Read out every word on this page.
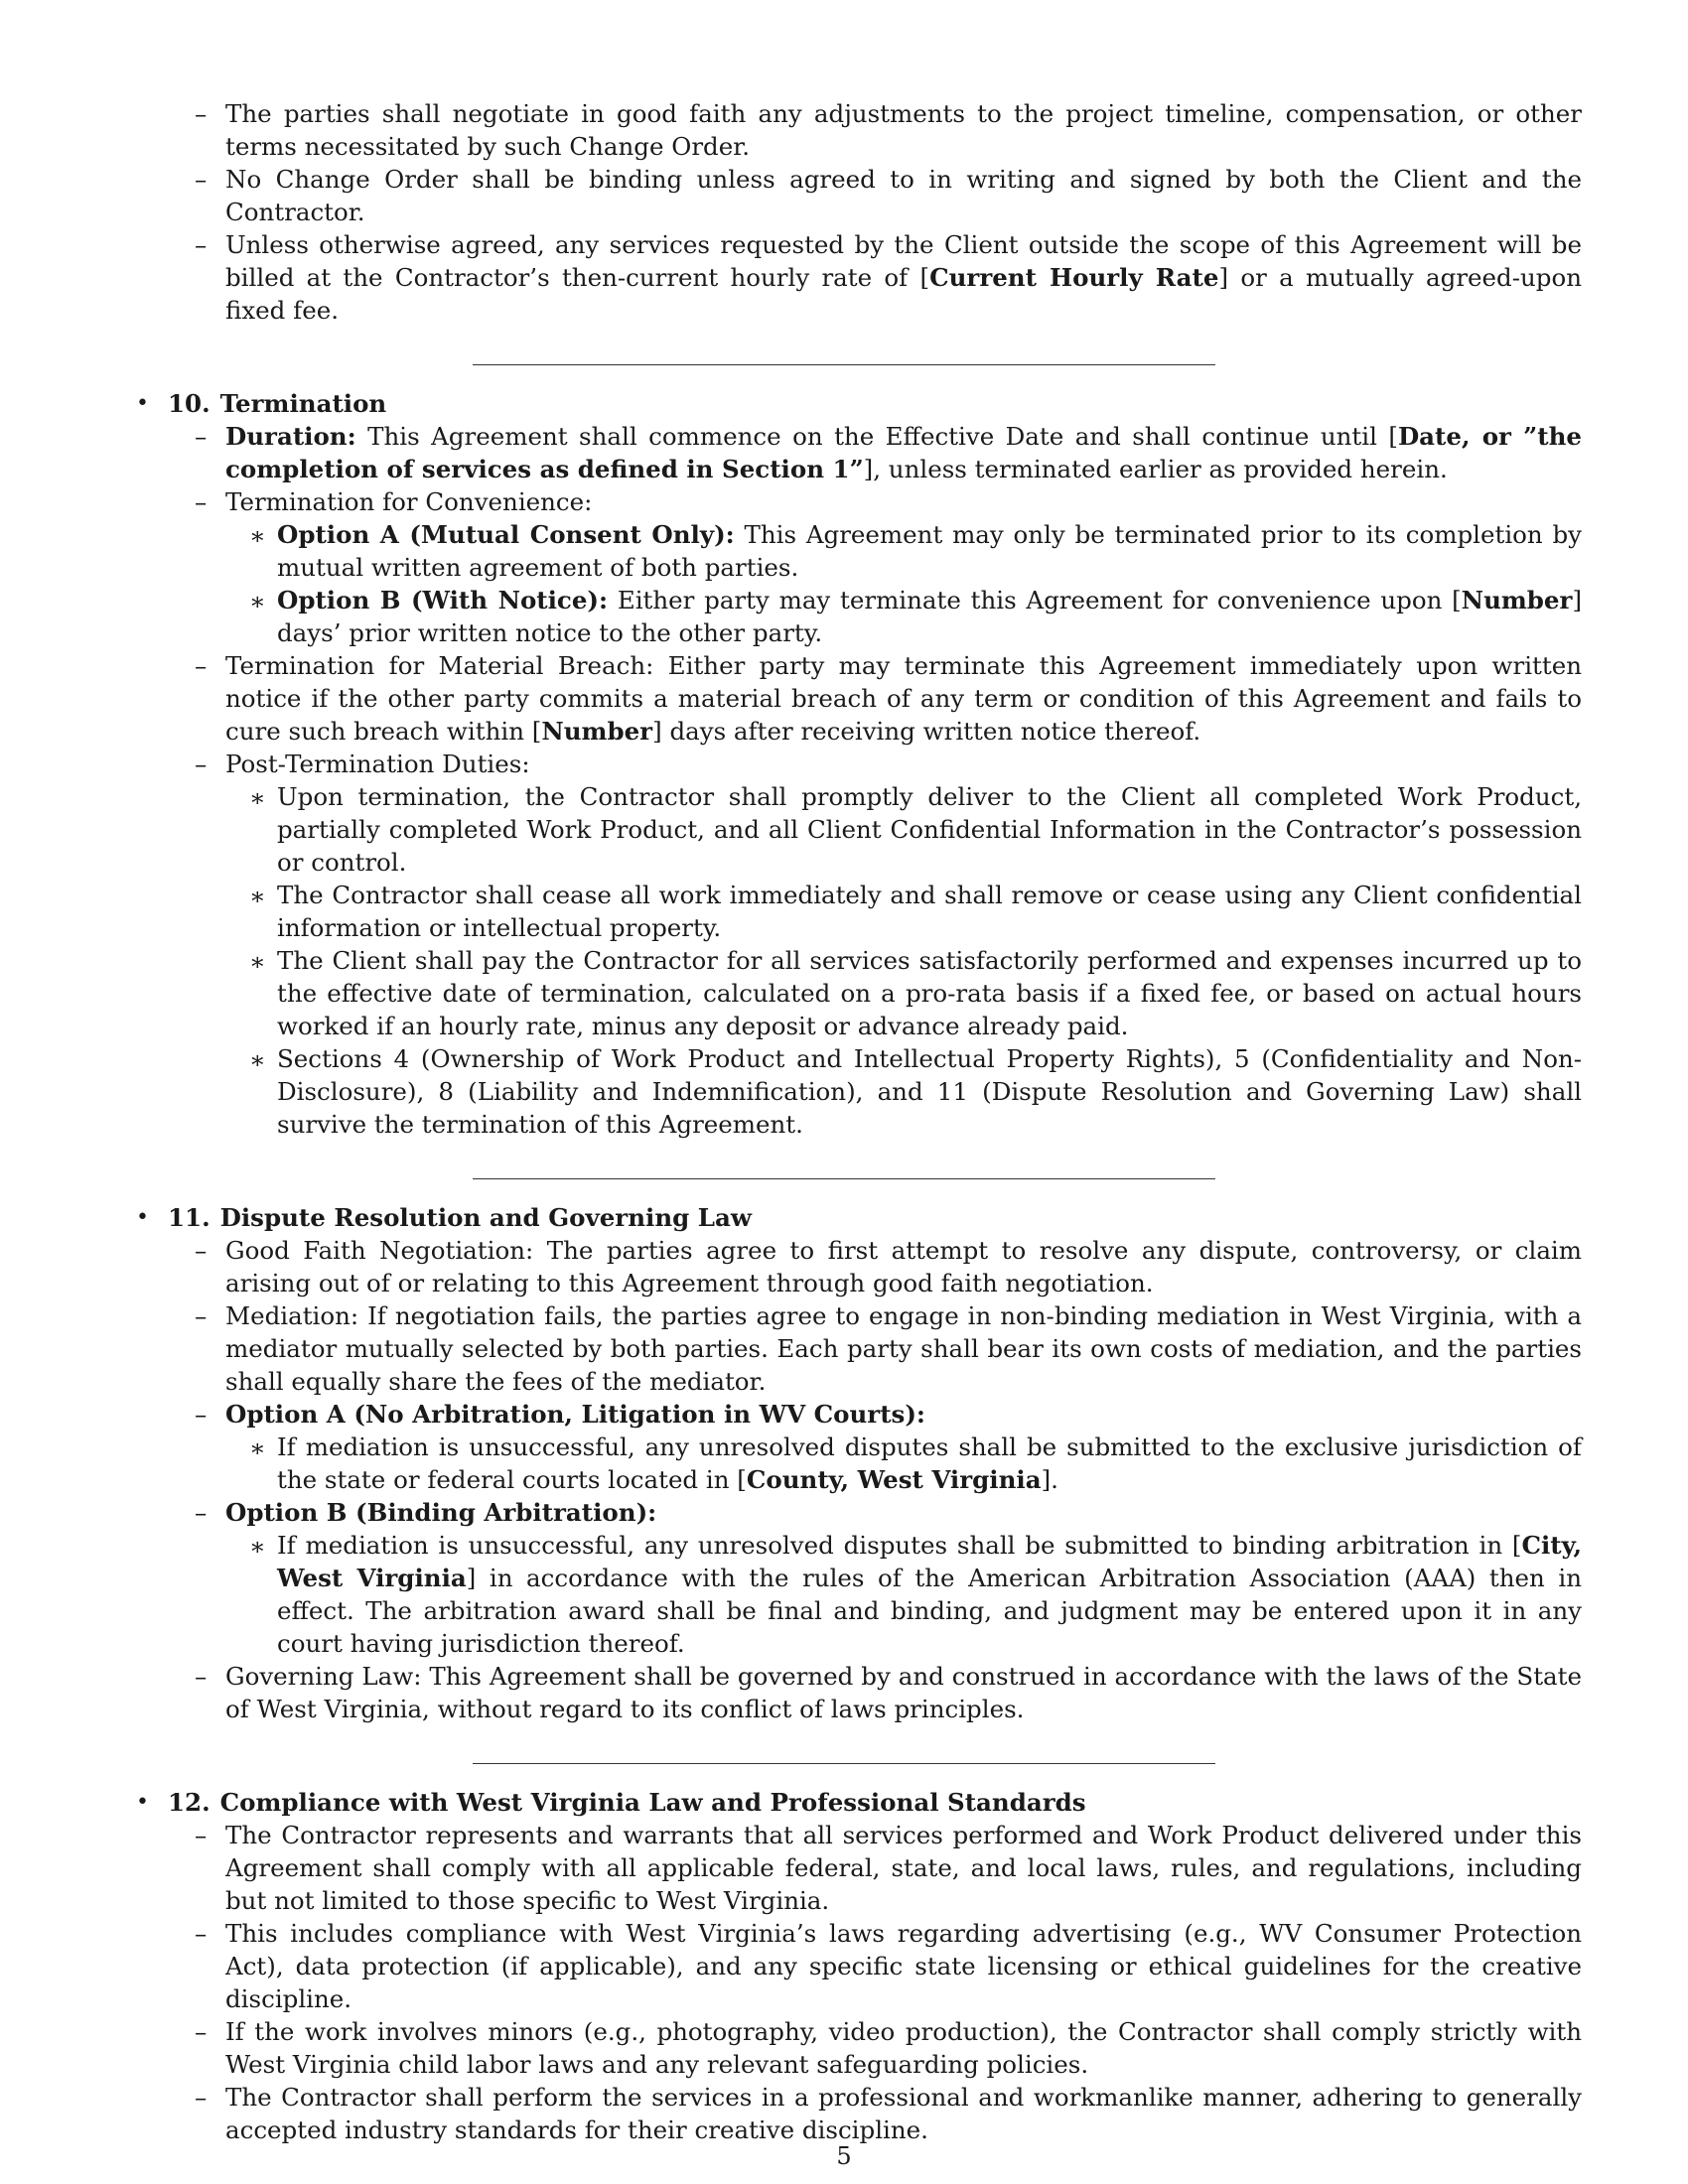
– The parties shall negotiate in good faith any adjustments to the project timeline, compensation, or other terms necessitated by such Change Order.
– No Change Order shall be binding unless agreed to in writing and signed by both the Client and the Contractor.
– Unless otherwise agreed, any services requested by the Client outside the scope of this Agreement will be billed at the Contractor’s then-current hourly rate of [Current Hourly Rate] or a mutually agreed-upon fixed fee.
• 10. Termination
– Duration: This Agreement shall commence on the Effective Date and shall continue until [Date, or ”the completion of services as defined in Section 1”], unless terminated earlier as provided herein.
– Termination for Convenience:
∗ Option A (Mutual Consent Only): This Agreement may only be terminated prior to its completion by mutual written agreement of both parties.
∗ Option B (With Notice): Either party may terminate this Agreement for convenience upon [Number] days’ prior written notice to the other party.
– Termination for Material Breach: Either party may terminate this Agreement immediately upon written notice if the other party commits a material breach of any term or condition of this Agreement and fails to cure such breach within [Number] days after receiving written notice thereof.
– Post-Termination Duties:
∗ Upon termination, the Contractor shall promptly deliver to the Client all completed Work Product, partially completed Work Product, and all Client Confidential Information in the Contractor’s possession or control.
∗ The Contractor shall cease all work immediately and shall remove or cease using any Client confidential information or intellectual property.
∗ The Client shall pay the Contractor for all services satisfactorily performed and expenses incurred up to the effective date of termination, calculated on a pro-rata basis if a fixed fee, or based on actual hours worked if an hourly rate, minus any deposit or advance already paid.
∗ Sections 4 (Ownership of Work Product and Intellectual Property Rights), 5 (Confidentiality and Non-Disclosure), 8 (Liability and Indemnification), and 11 (Dispute Resolution and Governing Law) shall survive the termination of this Agreement.
• 11. Dispute Resolution and Governing Law
– Good Faith Negotiation: The parties agree to first attempt to resolve any dispute, controversy, or claim arising out of or relating to this Agreement through good faith negotiation.
– Mediation: If negotiation fails, the parties agree to engage in non-binding mediation in West Virginia, with a mediator mutually selected by both parties. Each party shall bear its own costs of mediation, and the parties shall equally share the fees of the mediator.
– Option A (No Arbitration, Litigation in WV Courts):
∗ If mediation is unsuccessful, any unresolved disputes shall be submitted to the exclusive jurisdiction of the state or federal courts located in [County, West Virginia].
– Option B (Binding Arbitration):
∗ If mediation is unsuccessful, any unresolved disputes shall be submitted to binding arbitration in [City, West Virginia] in accordance with the rules of the American Arbitration Association (AAA) then in effect. The arbitration award shall be final and binding, and judgment may be entered upon it in any court having jurisdiction thereof.
– Governing Law: This Agreement shall be governed by and construed in accordance with the laws of the State of West Virginia, without regard to its conflict of laws principles.
• 12. Compliance with West Virginia Law and Professional Standards
– The Contractor represents and warrants that all services performed and Work Product delivered under this Agreement shall comply with all applicable federal, state, and local laws, rules, and regulations, including but not limited to those specific to West Virginia.
– This includes compliance with West Virginia’s laws regarding advertising (e.g., WV Consumer Protection Act), data protection (if applicable), and any specific state licensing or ethical guidelines for the creative discipline.
– If the work involves minors (e.g., photography, video production), the Contractor shall comply strictly with West Virginia child labor laws and any relevant safeguarding policies.
– The Contractor shall perform the services in a professional and workmanlike manner, adhering to generally accepted industry standards for their creative discipline.
5
